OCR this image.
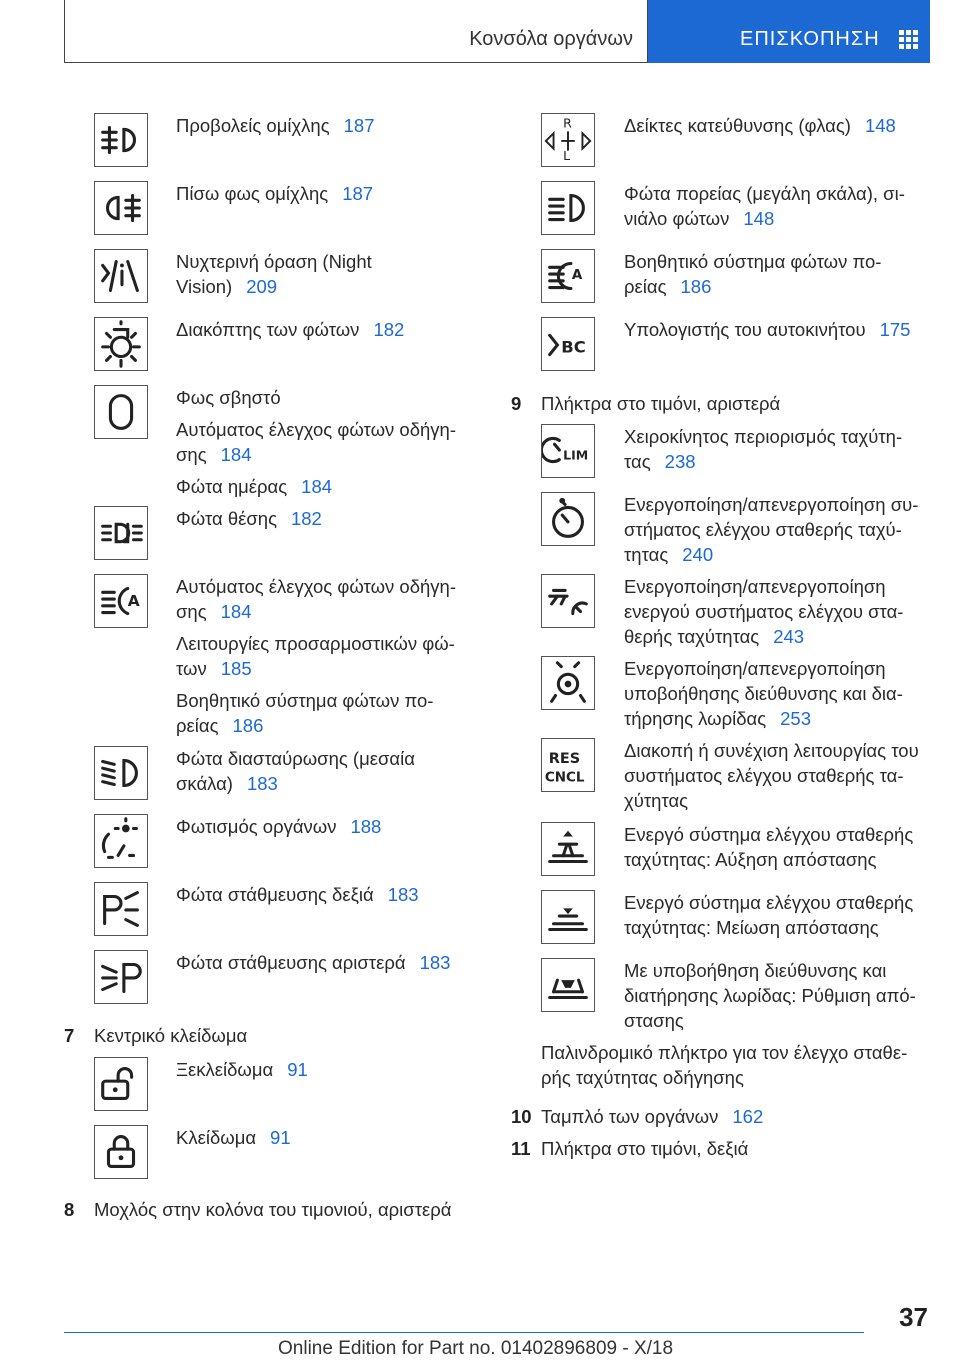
Κονσόλα οργάνων	ΕΠΙΣΚΟΠΗΣΗ
Προβολείς ομίχλης 187
Πίσω φως ομίχλης 187
Νυχτερινή όραση (Night
Vision) 209
Διακόπτης των φώτων 182
Φως σβηστό
Αυτόματος έλεγχος φώτων οδήγη-
σης 184
Φώτα ημέρας 184
Φώτα θέσης 182
A
Αυτόματος έλεγχος φώτων οδήγη-
σης 184
Λειτουργίες προσαρμοστικών φώ-
των 185
Βοηθητικό σύστημα φώτων πο-
ρείας 186
Φώτα διασταύρωσης (μεσαία
σκάλα) 183
Φωτισμός οργάνων 188
Φώτα στάθμευσης δεξιά 183
Φώτα στάθμευσης αριστερά 183
7 Κεντρικό κλείδωμα
Ξεκλείδωμα 91
Κλείδωμα 91
8 Μοχλός στην κολόνα του τιμονιού, αριστερά
R
L
Δείκτες κατεύθυνσης (φλας) 148
Φώτα πορείας (μεγάλη σκάλα), σι-
νιάλο φώτων 148
A
Βοηθητικό σύστημα φώτων πο-
ρείας 186
BC
Υπολογιστής του αυτοκινήτου 175
9 Πλήκτρα στο τιμόνι, αριστερά
LIM
Χειροκίνητος περιορισμός ταχύτη-
τας 238
Ενεργοποίηση/απενεργοποίηση συ-
στήματος ελέγχου σταθερής ταχύ-
τητας 240
Ενεργοποίηση/απενεργοποίηση
ενεργού συστήματος ελέγχου στα-
θερής ταχύτητας 243
Ενεργοποίηση/απενεργοποίηση
υποβοήθησης διεύθυνσης και δια-
τήρησης λωρίδας 253
RES
CNCL
Διακοπή ή συνέχιση λειτουργίας του
συστήματος ελέγχου σταθερής τα-
χύτητας
Ενεργό σύστημα ελέγχου σταθερής
ταχύτητας: Αύξηση απόστασης
Ενεργό σύστημα ελέγχου σταθερής
ταχύτητας: Μείωση απόστασης
Με υποβοήθηση διεύθυνσης και
διατήρησης λωρίδας: Ρύθμιση από-
στασης
Παλινδρομικό πλήκτρο για τον έλεγχο σταθε-
ρής ταχύτητας οδήγησης
10 Ταμπλό των οργάνων 162
11 Πλήκτρα στο τιμόνι, δεξιά
37
Online Edition for Part no. 01402896809 - X/18
